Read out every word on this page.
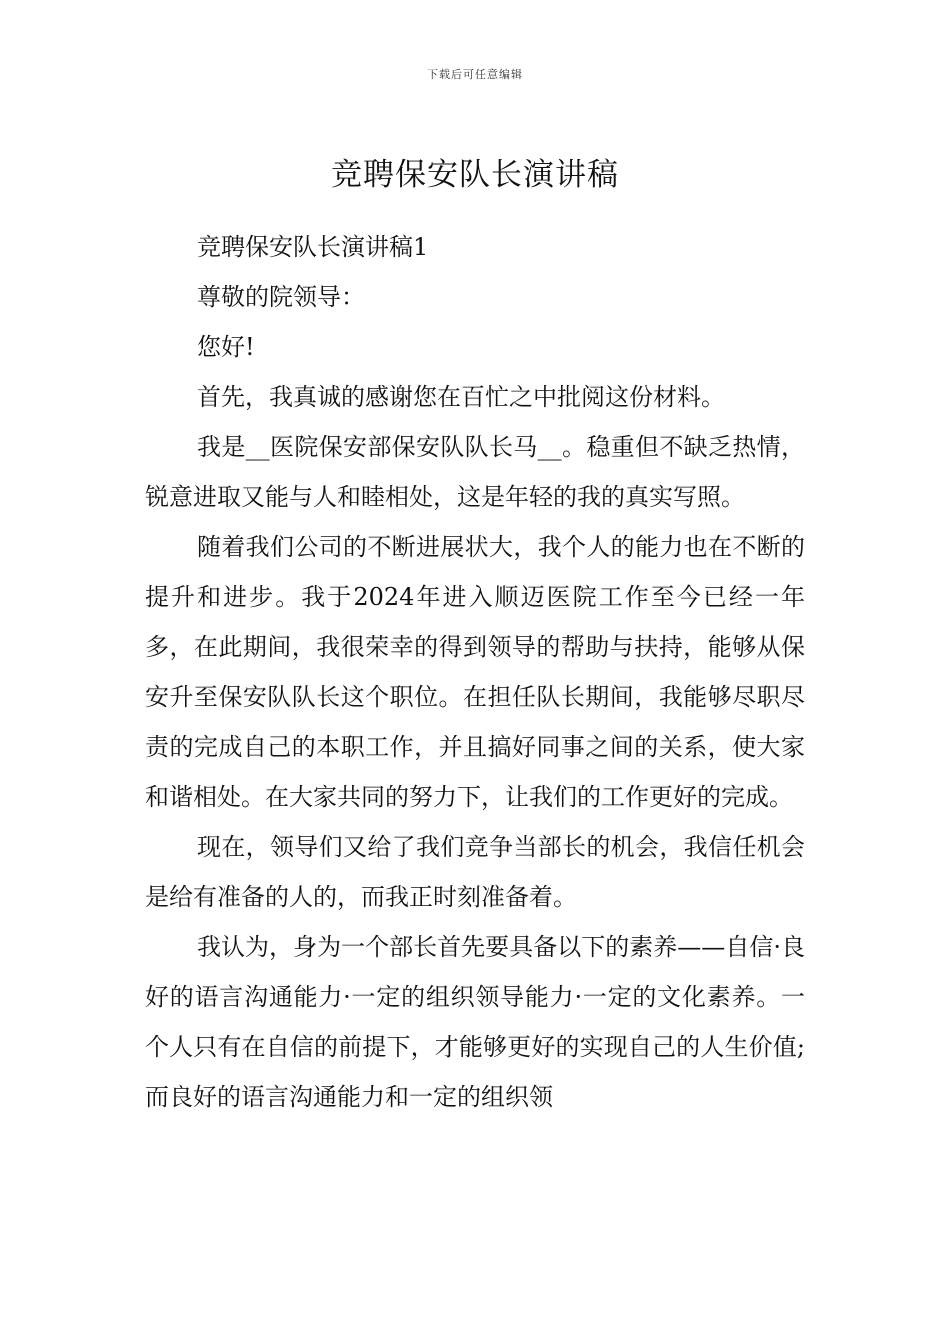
下载后可任意编辑
竞聘保安队长演讲稿

竞聘保安队长演讲稿1

尊敬的院领导：

您好!

首先，我真诚的感谢您在百忙之中批阅这份材料。

我是__医院保安部保安队队长马__。稳重但不缺乏热情，锐意进取又能与人和睦相处，这是年轻的我的真实写照。

随着我们公司的不断进展状大，我个人的能力也在不断的提升和进步。我于2024年进入顺迈医院工作至今已经一年多，在此期间，我很荣幸的得到领导的帮助与扶持，能够从保安升至保安队队长这个职位。在担任队长期间，我能够尽职尽责的完成自己的本职工作，并且搞好同事之间的关系，使大家和谐相处。在大家共同的努力下，让我们的工作更好的完成。

现在，领导们又给了我们竞争当部长的机会，我信任机会是给有准备的人的，而我正时刻准备着。

我认为，身为一个部长首先要具备以下的素养——自信·良好的语言沟通能力·一定的组织领导能力·一定的文化素养。一个人只有在自信的前提下，才能够更好的实现自己的人生价值;而良好的语言沟通能力和一定的组织领
